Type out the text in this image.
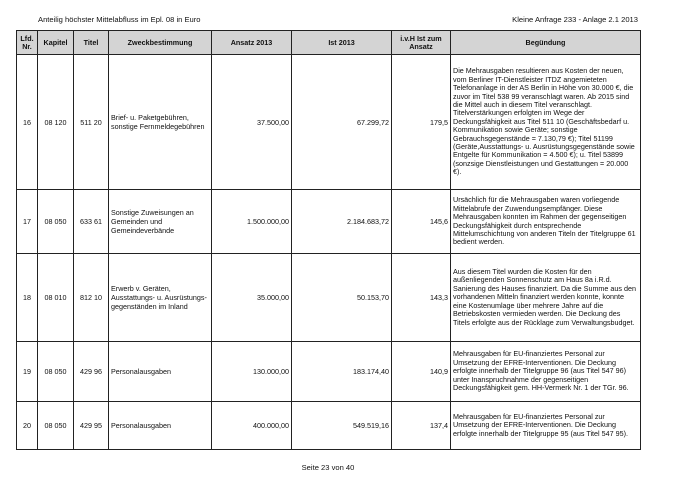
Anteilig höchster Mittelabfluss im Epl. 08 in Euro	Kleine Anfrage 233 - Anlage 2.1 2013
Lfd. Nr.	Kapitel	Titel	Zweckbestimmung	Ansatz 2013	Ist 2013	i.v.H Ist zum Ansatz	Begündung
16	08 120	511 20	Brief- u. Paketgebühren, sonstige Fernmeldegebühren	37.500,00	67.299,72	179,5	Die Mehrausgaben resultieren aus Kosten der neuen, vom Berliner IT-Dienstleister ITDZ angemieteten Telefonanlage in der AS Berlin in Höhe von 30.000 €, die zuvor im Titel 538 99 veranschlagt waren. Ab 2015 sind die Mittel auch in diesem Titel veranschlagt. Titelverstärkungen erfolgten im Wege der Deckungsfähigkeit aus Titel 511 10 (Geschäftsbedarf u. Kommunikation sowie Geräte; sonstige Gebrauchsgegenstände = 7.130,79 €); Titel 51199 (Geräte,Ausstattungs- u. Ausrüstungsgegenstände sowie Entgelte für Kommunikation = 4.500 €); u. Titel 53899 (sonzsige Dienstleistungen und Gestattungen = 20.000 €).
17	08 050	633 61	Sonstige Zuweisungen an Gemeinden und Gemeindeverbände	1.500.000,00	2.184.683,72	145,6	Ursächlich für die Mehrausgaben waren vorliegende Mittelabrufe der Zuwendungsempfänger. Diese Mehrausgaben konnten im Rahmen der gegenseitigen Deckungsfähigkeit durch entsprechende Mittelumschichtung von anderen Titeln der Titelgruppe 61 bedient werden.
18	08 010	812 10	Erwerb v. Geräten, Ausstattungs- u. Ausrüstungs-gegenständen im Inland	35.000,00	50.153,70	143,3	Aus diesem Titel wurden die Kosten für den außenliegenden Sonnenschutz am Haus 8a i.R.d. Sanierung des Hauses finanziert. Da die Summe aus den vorhandenen Mitteln finanziert werden konnte, konnte eine Kostenumlage über mehrere Jahre auf die Betriebskosten vermieden werden. Die Deckung des Titels erfolgte aus der Rücklage zum Verwaltungsbudget.
19	08 050	429 96	Personalausgaben	130.000,00	183.174,40	140,9	Mehrausgaben für EU-finanziertes Personal zur Umsetzung der EFRE-Interventionen. Die Deckung erfolgte innerhalb der Titelgruppe 96 (aus Titel 547 96) unter Inanspruchnahme der gegenseitigen Deckungsfähigkeit gem. HH-Vermerk Nr. 1 der TGr. 96.
20	08 050	429 95	Personalausgaben	400.000,00	549.519,16	137,4	Mehrausgaben für EU-finanziertes Personal zur Umsetzung der EFRE-Interventionen. Die Deckung erfolgte innerhalb der Titelgruppe 95 (aus Titel 547 95).
Seite 23 von 40
